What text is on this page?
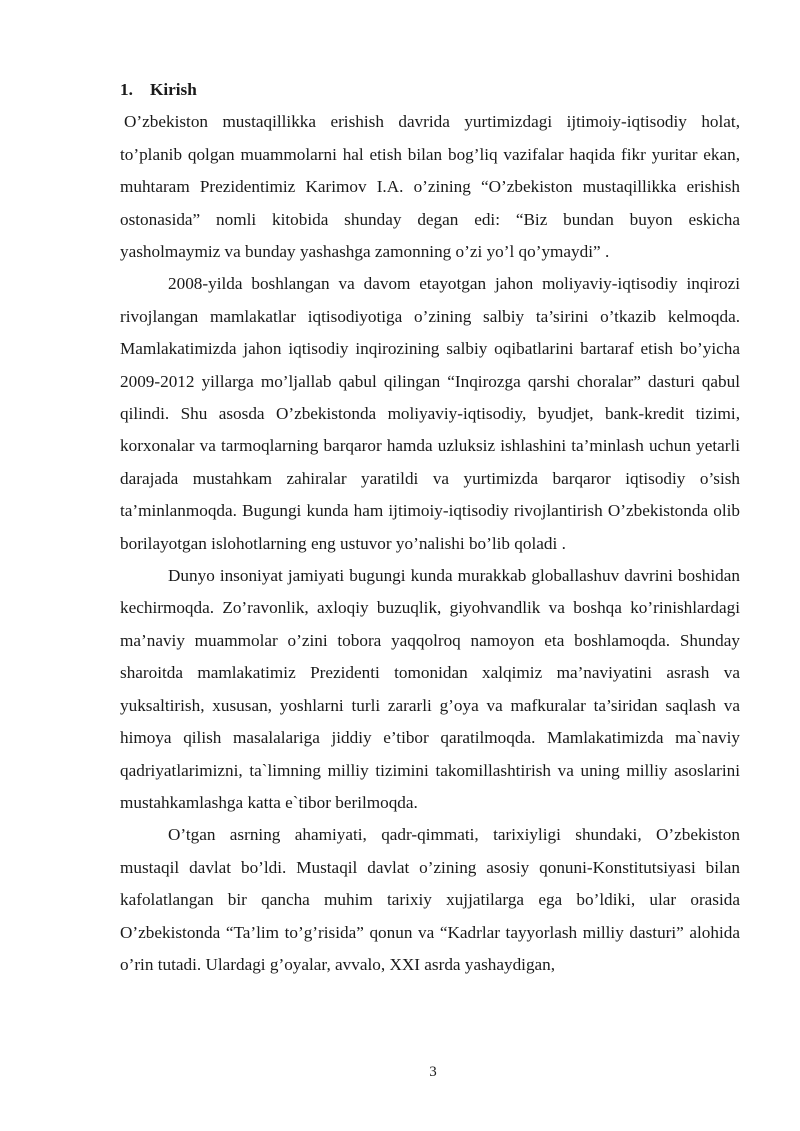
1. Kirish

O’zbekiston mustaqillikka erishish davrida yurtimizdagi ijtimoiy-iqtisodiy holat, to’planib qolgan muammolarni hal etish bilan bog’liq vazifalar haqida fikr yuritar ekan, muhtaram Prezidentimiz Karimov I.A. o’zining “O’zbekiston mustaqillikka erishish ostonasida” nomli kitobida shunday degan edi: “Biz bundan buyon eskicha yasholmaymiz va bunday yashashga zamonning o’zi yo’l qo’ymaydi” .

2008-yilda boshlangan va davom etayotgan jahon moliyaviy-iqtisodiy inqirozi rivojlangan mamlakatlar iqtisodiyotiga o’zining salbiy ta’sirini o’tkazib kelmoqda. Mamlakatimizda jahon iqtisodiy inqirozining salbiy oqibatlarini bartaraf etish bo’yicha 2009-2012 yillarga mo’ljallab qabul qilingan “Inqirozga qarshi choralar” dasturi qabul qilindi. Shu asosda O’zbekistonda moliyaviy-iqtisodiy, byudjet, bank-kredit tizimi, korxonalar va tarmoqlarning barqaror hamda uzluksiz ishlashini ta’minlash uchun yetarli darajada mustahkam zahiralar yaratildi va yurtimizda barqaror iqtisodiy o’sish ta’minlanmoqda. Bugungi kunda ham ijtimoiy-iqtisodiy rivojlantirish O’zbekistonda olib borilayotgan islohotlarning eng ustuvor yo’nalishi bo’lib qoladi .

Dunyo insoniyat jamiyati bugungi kunda murakkab globallashuv davrini boshidan kechirmoqda. Zo’ravonlik, axloqiy buzuqlik, giyohvandlik va boshqa ko’rinishlardagi ma’naviy muammolar o’zini tobora yaqqolroq namoyon eta boshlamoqda. Shunday sharoitda mamlakatimiz Prezidenti tomonidan xalqimiz ma’naviyatini asrash va yuksaltirish, xususan, yoshlarni turli zararli g’oya va mafkuralar ta’siridan saqlash va himoya qilish masalalariga jiddiy e’tibor qaratilmoqda. Mamlakatimizda ma`naviy qadriyatlarimizni, ta`limning milliy tizimini takomillashtirish va uning milliy asoslarini mustahkamlashga katta e`tibor berilmoqda.

O’tgan asrning ahamiyati, qadr-qimmati, tarixiyligi shundaki, O’zbekiston mustaqil davlat bo’ldi. Mustaqil davlat o’zining asosiy qonuni-Konstitutsiyasi bilan kafolatlangan bir qancha muhim tarixiy xujjatilarga ega bo’ldiki, ular orasida O’zbekistonda “Ta’lim to’g’risida” qonun va “Kadrlar tayyorlash milliy dasturi” alohida o’rin tutadi. Ulardagi g’oyalar, avvalo, XXI asrda yashaydigan,

3
